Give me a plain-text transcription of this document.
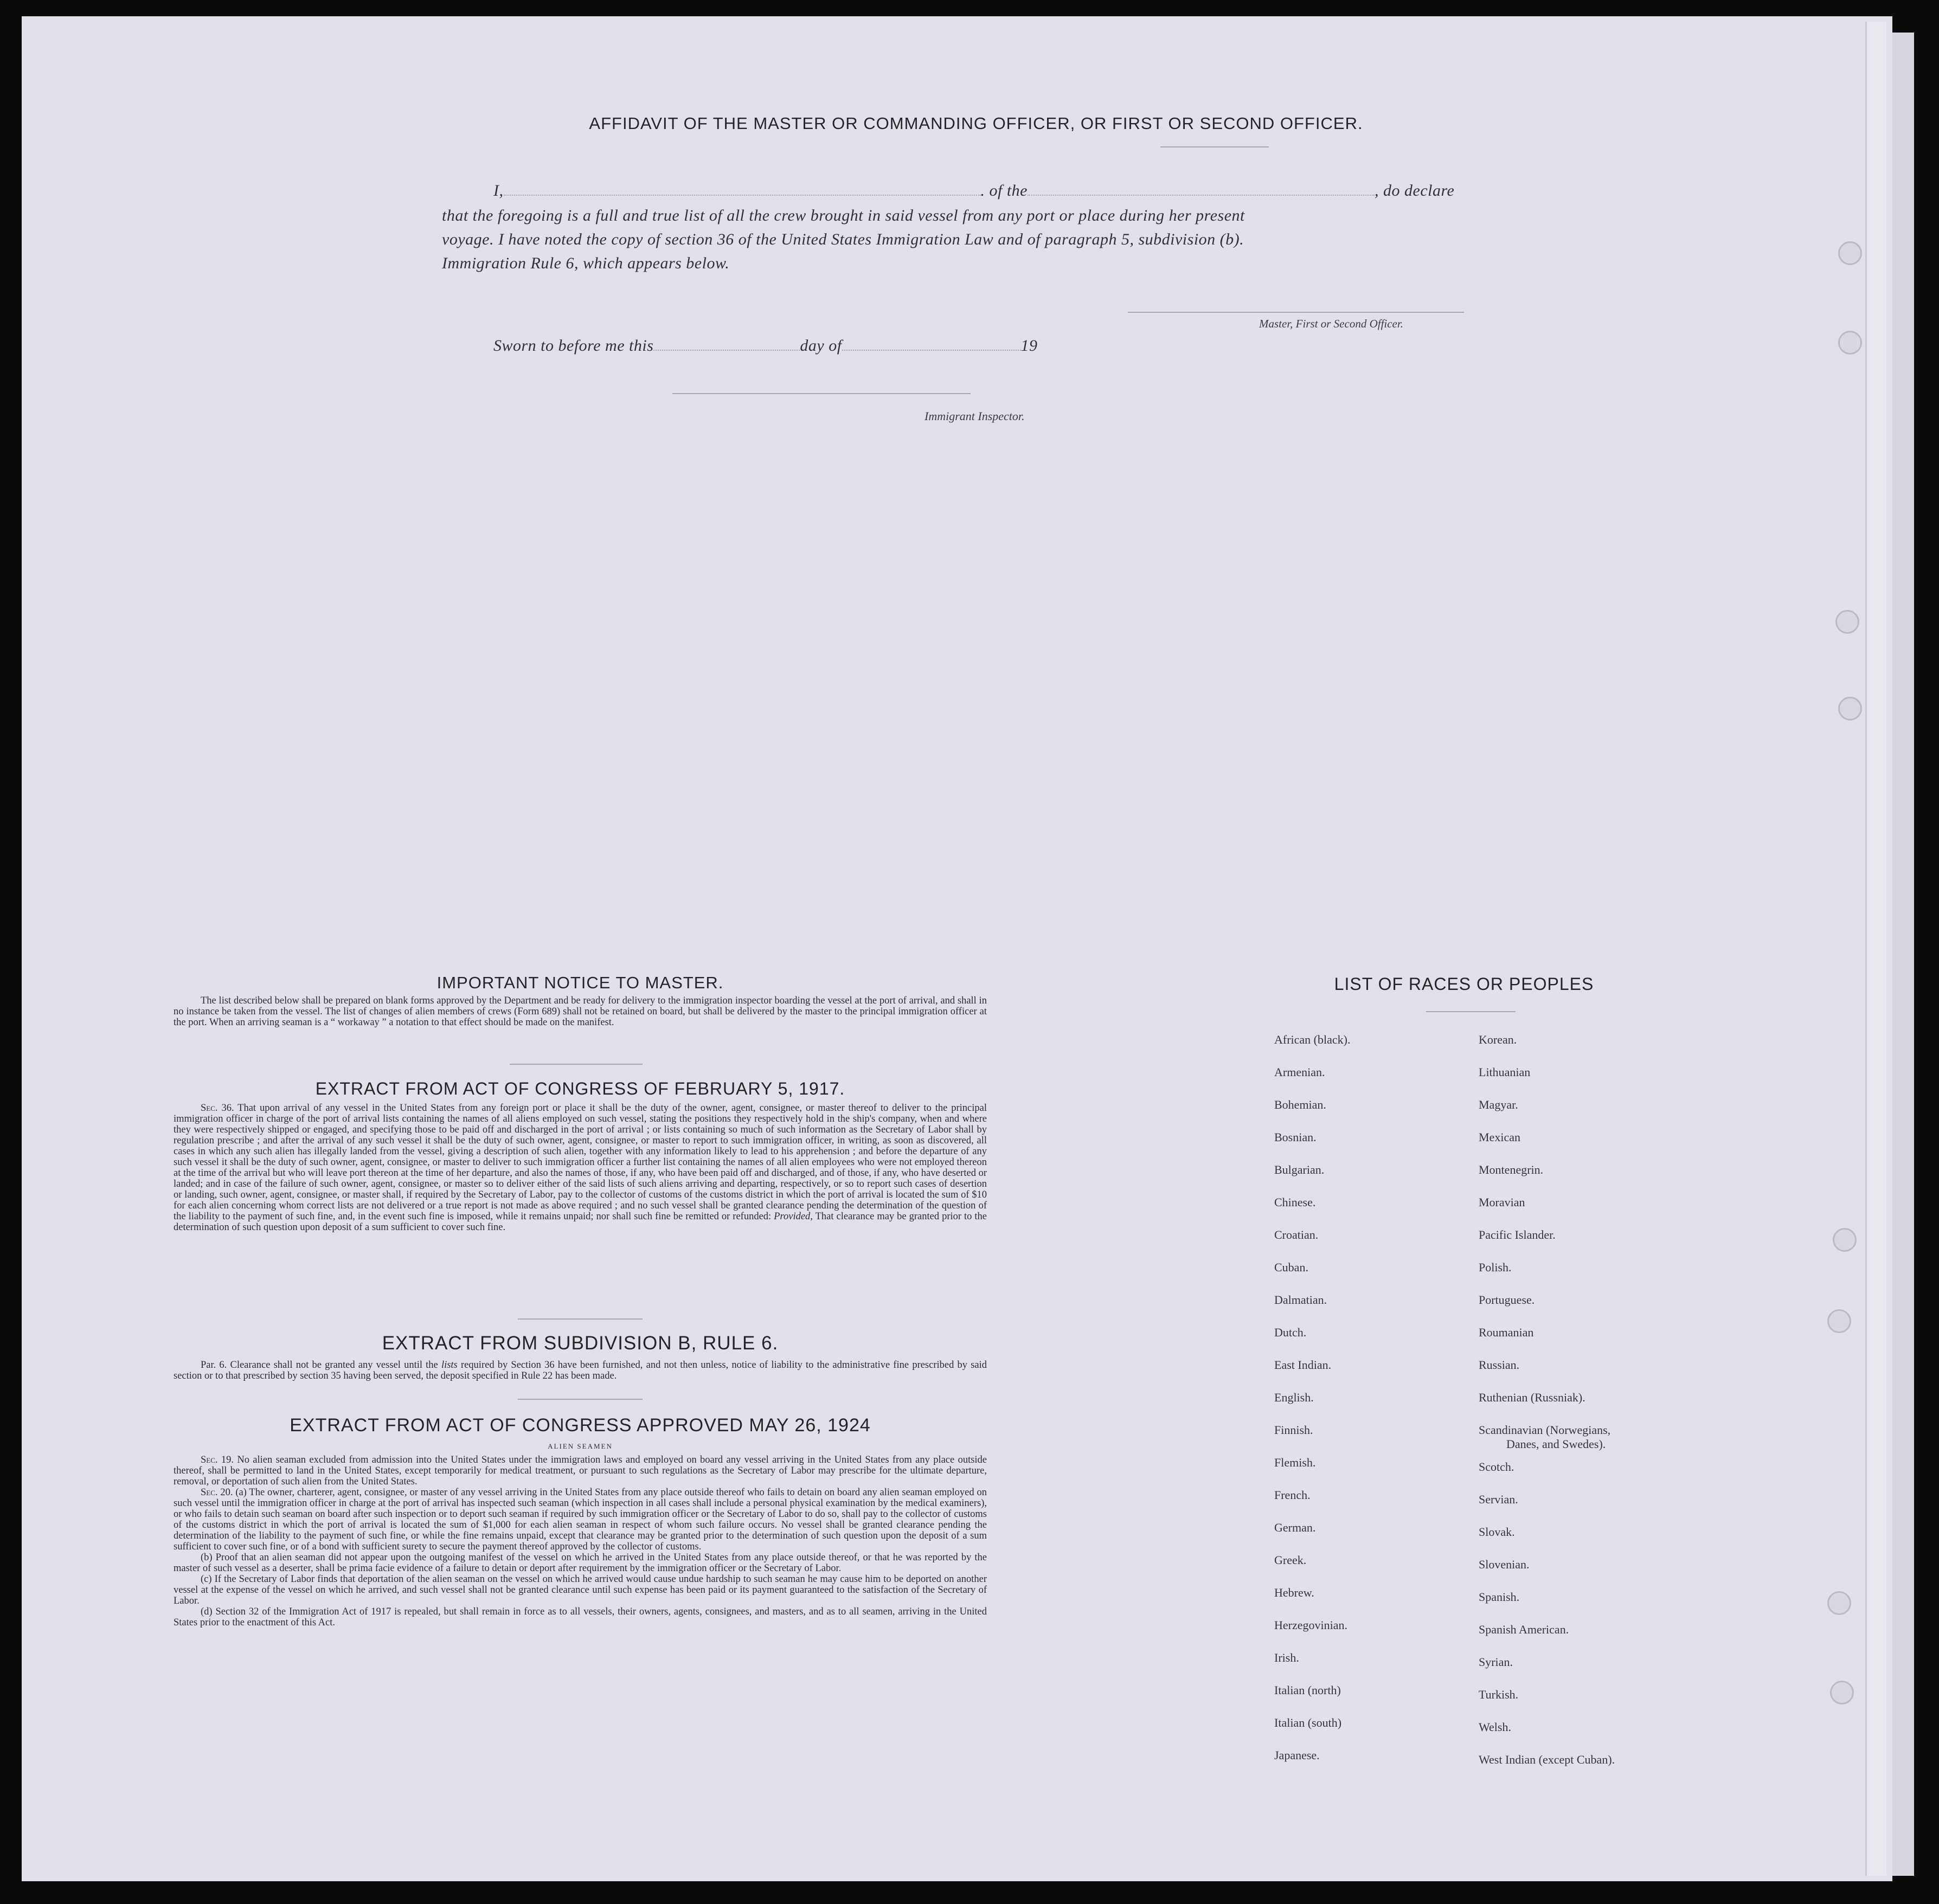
AFFIDAVIT OF THE MASTER OR COMMANDING OFFICER, OR FIRST OR SECOND OFFICER.
I,	. of the	, do declare
that the foregoing is a full and true list of all the crew brought in said vessel from any port or place during her present
voyage. I have noted the copy of section 36 of the United States Immigration Law and of paragraph 5, subdivision (b).
Immigration Rule 6, which appears below.
Master, First or Second Officer.
Sworn to before me this	day of	19
Immigrant Inspector.
IMPORTANT NOTICE TO MASTER.

The list described below shall be prepared on blank forms approved by the Department and be ready for delivery to the immigration inspector boarding the vessel at the port of arrival, and shall in no instance be taken from the vessel. The list of changes of alien members of crews (Form 689) shall not be retained on board, but shall be delivered by the master to the principal immigration officer at the port. When an arriving seaman is a “ workaway ” a notation to that effect should be made on the manifest.

EXTRACT FROM ACT OF CONGRESS OF FEBRUARY 5, 1917.

Sec. 36. That upon arrival of any vessel in the United States from any foreign port or place it shall be the duty of the owner, agent, consignee, or master thereof to deliver to the principal immigration officer in charge of the port of arrival lists containing the names of all aliens employed on such vessel, stating the positions they respectively hold in the ship's company, when and where they were respectively shipped or engaged, and specifying those to be paid off and discharged in the port of arrival ; or lists containing so much of such information as the Secretary of Labor shall by regulation prescribe ; and after the arrival of any such vessel it shall be the duty of such owner, agent, consignee, or master to report to such immigration officer, in writing, as soon as discovered, all cases in which any such alien has illegally landed from the vessel, giving a description of such alien, together with any information likely to lead to his apprehension ; and before the departure of any such vessel it shall be the duty of such owner, agent, consignee, or master to deliver to such immigration officer a further list containing the names of all alien employees who were not employed thereon at the time of the arrival but who will leave port thereon at the time of her departure, and also the names of those, if any, who have been paid off and discharged, and of those, if any, who have deserted or landed; and in case of the failure of such owner, agent, consignee, or master so to deliver either of the said lists of such aliens arriving and departing, respectively, or so to report such cases of desertion or landing, such owner, agent, consignee, or master shall, if required by the Secretary of Labor, pay to the collector of customs of the customs district in which the port of arrival is located the sum of $10 for each alien concerning whom correct lists are not delivered or a true report is not made as above required ; and no such vessel shall be granted clearance pending the determination of the question of the liability to the payment of such fine, and, in the event such fine is imposed, while it remains unpaid; nor shall such fine be remitted or refunded: Provided, That clearance may be granted prior to the determination of such question upon deposit of a sum sufficient to cover such fine.

EXTRACT FROM SUBDIVISION B, RULE 6.

Par. 6. Clearance shall not be granted any vessel until the lists required by Section 36 have been furnished, and not then unless, notice of liability to the administrative fine prescribed by said section or to that prescribed by section 35 having been served, the deposit specified in Rule 22 has been made.

EXTRACT FROM ACT OF CONGRESS APPROVED MAY 26, 1924
ALIEN SEAMEN

Sec. 19. No alien seaman excluded from admission into the United States under the immigration laws and employed on board any vessel arriving in the United States from any place outside thereof, shall be permitted to land in the United States, except temporarily for medical treatment, or pursuant to such regulations as the Secretary of Labor may prescribe for the ultimate departure, removal, or deportation of such alien from the United States.

Sec. 20. (a) The owner, charterer, agent, consignee, or master of any vessel arriving in the United States from any place outside thereof who fails to detain on board any alien seaman employed on such vessel until the immigration officer in charge at the port of arrival has inspected such seaman (which inspection in all cases shall include a personal physical examination by the medical examiners), or who fails to detain such seaman on board after such inspection or to deport such seaman if required by such immigration officer or the Secretary of Labor to do so, shall pay to the collector of customs of the customs district in which the port of arrival is located the sum of $1,000 for each alien seaman in respect of whom such failure occurs. No vessel shall be granted clearance pending the determination of the liability to the payment of such fine, or while the fine remains unpaid, except that clearance may be granted prior to the determination of such question upon the deposit of a sum sufficient to cover such fine, or of a bond with sufficient surety to secure the payment thereof approved by the collector of customs.

(b) Proof that an alien seaman did not appear upon the outgoing manifest of the vessel on which he arrived in the United States from any place outside thereof, or that he was reported by the master of such vessel as a deserter, shall be prima facie evidence of a failure to detain or deport after requirement by the immigration officer or the Secretary of Labor.

(c) If the Secretary of Labor finds that deportation of the alien seaman on the vessel on which he arrived would cause undue hardship to such seaman he may cause him to be deported on another vessel at the expense of the vessel on which he arrived, and such vessel shall not be granted clearance until such expense has been paid or its payment guaranteed to the satisfaction of the Secretary of Labor.

(d) Section 32 of the Immigration Act of 1917 is repealed, but shall remain in force as to all vessels, their owners, agents, consignees, and masters, and as to all seamen, arriving in the United States prior to the enactment of this Act.

LIST OF RACES OR PEOPLES
African (black).
Armenian.
Bohemian.
Bosnian.
Bulgarian.
Chinese.
Croatian.
Cuban.
Dalmatian.
Dutch.
East Indian.
English.
Finnish.
Flemish.
French.
German.
Greek.
Hebrew.
Herzegovinian.
Irish.
Italian (north)
Italian (south)
Japanese.
Korean.
Lithuanian
Magyar.
Mexican
Montenegrin.
Moravian
Pacific Islander.
Polish.
Portuguese.
Roumanian
Russian.
Ruthenian (Russniak).
Scandinavian (Norwegians,
Danes, and Swedes).
Scotch.
Servian.
Slovak.
Slovenian.
Spanish.
Spanish American.
Syrian.
Turkish.
Welsh.
West Indian (except Cuban).
